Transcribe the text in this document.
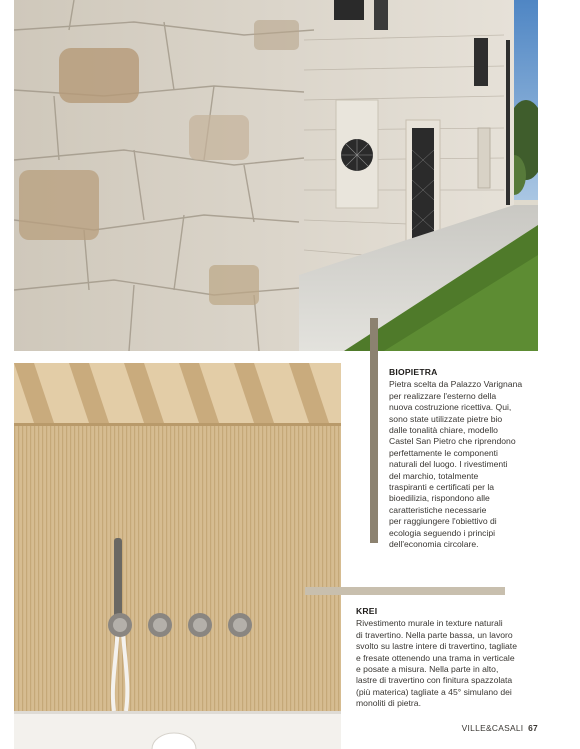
BIOPIETRA
Pietra scelta da Palazzo Varignana
per realizzare l'esterno della
nuova costruzione ricettiva. Qui,
sono state utilizzate pietre bio
dalle tonalità chiare, modello
Castel San Pietro che riprendono
perfettamente le componenti
naturali del luogo. I rivestimenti
del marchio, totalmente
traspiranti e certificati per la
bioedilizia, rispondono alle
caratteristiche necessarie
per raggiungere l'obiettivo di
ecologia seguendo i principi
dell'economia circolare.
KREI
Rivestimento murale in texture naturali
di travertino. Nella parte bassa, un lavoro
svolto su lastre intere di travertino, tagliate
e fresate ottenendo una trama in verticale
e posate a misura. Nella parte in alto,
lastre di travertino con finitura spazzolata
(più materica) tagliate a 45° simulano dei
monoliti di pietra.
VILLE&CASALI 67
